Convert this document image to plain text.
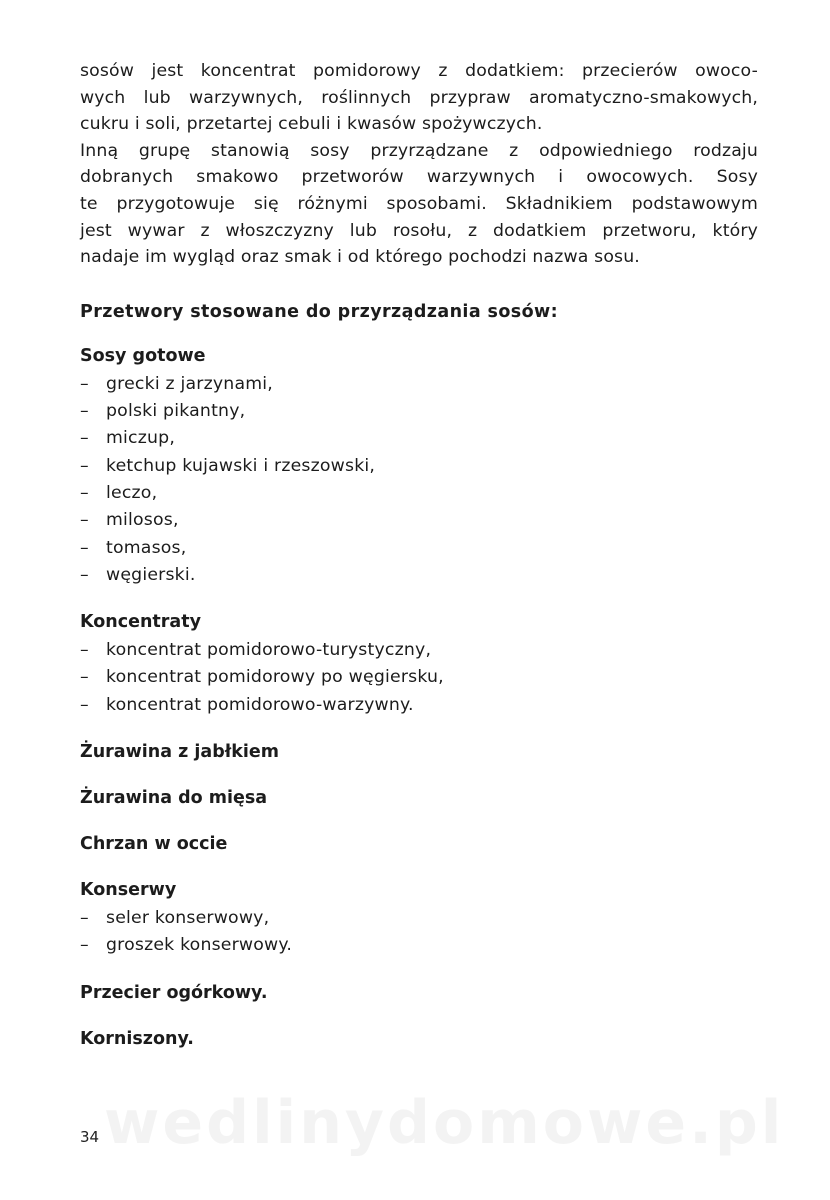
wedlinydomowe.pl

sosów jest koncentrat pomidorowy z dodatkiem: przecierów owoco-

wych lub warzywnych, roślinnych przypraw aromatyczno-smakowych,

cukru i soli, przetartej cebuli i kwasów spożywczych.

Inną grupę stanowią sosy przyrządzane z odpowiedniego rodzaju

dobranych smakowo przetworów warzywnych i owocowych. Sosy

te przygotowuje się różnymi sposobami. Składnikiem podstawowym

jest wywar z włoszczyzny lub rosołu, z dodatkiem przetworu, który

nadaje im wygląd oraz smak i od którego pochodzi nazwa sosu.

Przetwory stosowane do przyrządzania sosów:
Sosy gotowe
– grecki z jarzynami,
– polski pikantny,
– miczup,
– ketchup kujawski i rzeszowski,
– leczo,
– milosos,
– tomasos,
– węgierski.
Koncentraty
– koncentrat pomidorowo-turystyczny,
– koncentrat pomidorowy po węgiersku,
– koncentrat pomidorowo-warzywny.
Żurawina z jabłkiem
Żurawina do mięsa
Chrzan w occie
Konserwy
– seler konserwowy,
– groszek konserwowy.
Przecier ogórkowy.
Korniszony.
34
